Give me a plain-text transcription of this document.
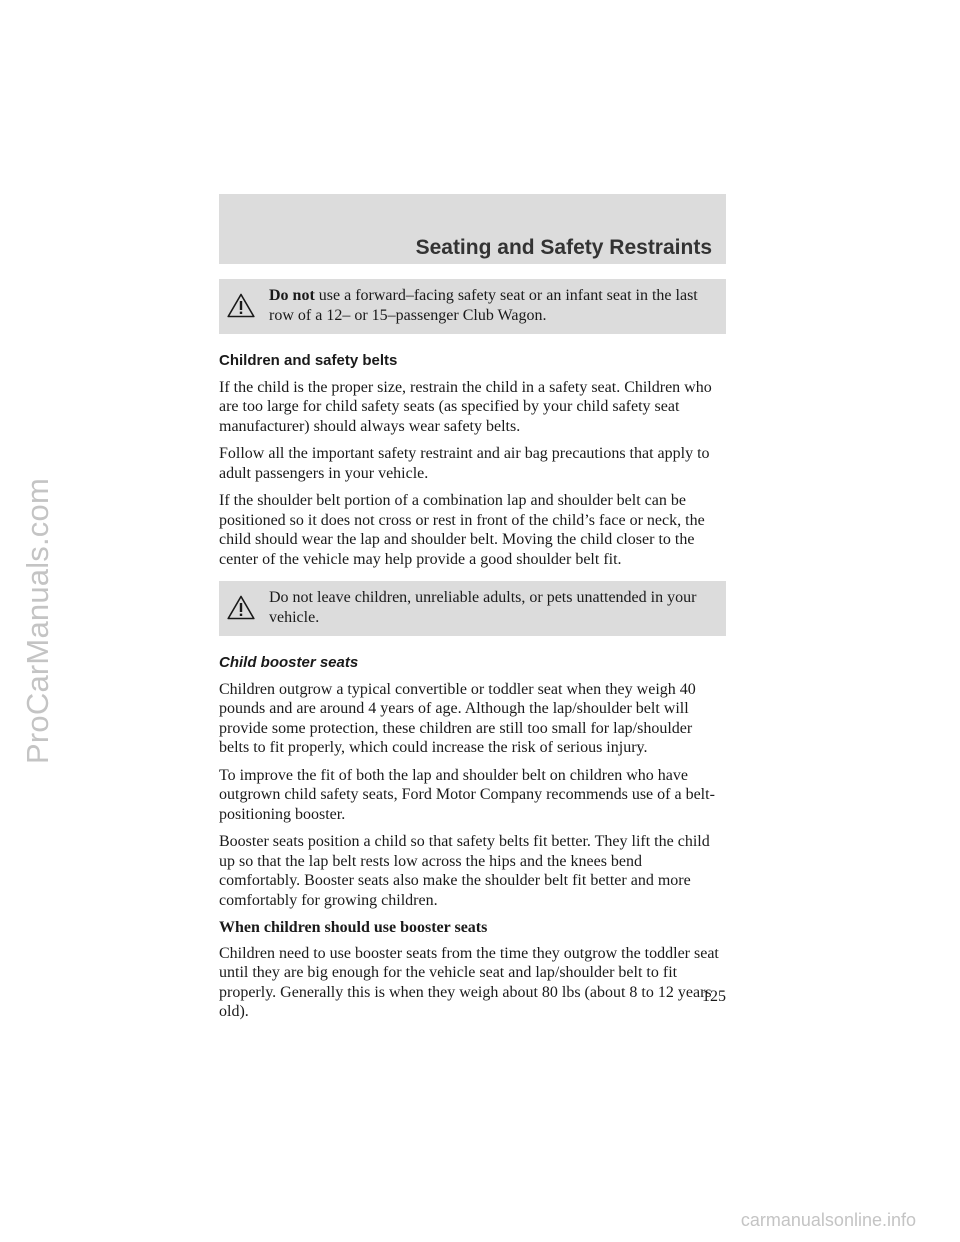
ProCarManuals.com
Seating and Safety Restraints
Do not use a forward–facing safety seat or an infant seat in the last row of a 12– or 15–passenger Club Wagon.
Children and safety belts

If the child is the proper size, restrain the child in a safety seat. Children who are too large for child safety seats (as specified by your child safety seat manufacturer) should always wear safety belts.

Follow all the important safety restraint and air bag precautions that apply to adult passengers in your vehicle.

If the shoulder belt portion of a combination lap and shoulder belt can be positioned so it does not cross or rest in front of the child’s face or neck, the child should wear the lap and shoulder belt. Moving the child closer to the center of the vehicle may help provide a good shoulder belt fit.

Do not leave children, unreliable adults, or pets unattended in your vehicle.
Child booster seats

Children outgrow a typical convertible or toddler seat when they weigh 40 pounds and are around 4 years of age. Although the lap/shoulder belt will provide some protection, these children are still too small for lap/shoulder belts to fit properly, which could increase the risk of serious injury.

To improve the fit of both the lap and shoulder belt on children who have outgrown child safety seats, Ford Motor Company recommends use of a belt-positioning booster.

Booster seats position a child so that safety belts fit better. They lift the child up so that the lap belt rests low across the hips and the knees bend comfortably. Booster seats also make the shoulder belt fit better and more comfortably for growing children.

When children should use booster seats

Children need to use booster seats from the time they outgrow the toddler seat until they are big enough for the vehicle seat and lap/shoulder belt to fit properly. Generally this is when they weigh about 80 lbs (about 8 to 12 years old).

125
carmanualsonline.info
